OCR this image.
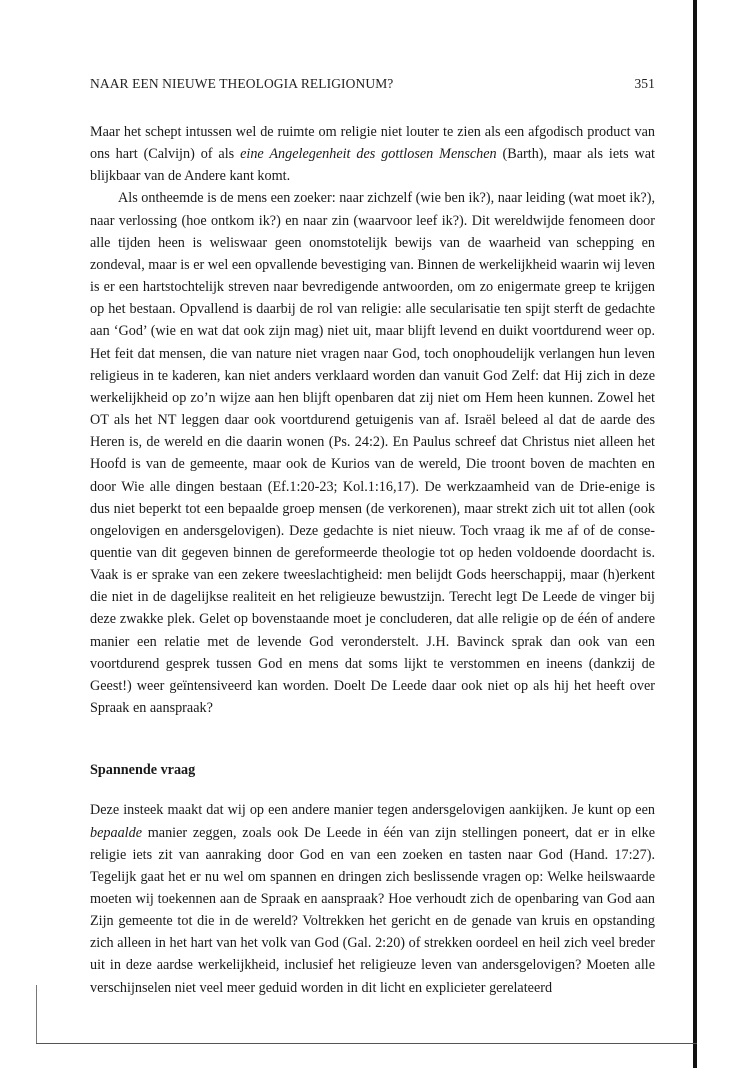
NAAR EEN NIEUWE THEOLOGIA RELIGIONUM?	351

Maar het schept intussen wel de ruimte om religie niet louter te zien als een afgodisch product van ons hart (Calvijn) of als eine Angelegenheit des gottlosen Menschen (Barth), maar als iets wat blijkbaar van de Andere kant komt.

Als ontheemde is de mens een zoeker: naar zichzelf (wie ben ik?), naar leiding (wat moet ik?), naar verlossing (hoe ontkom ik?) en naar zin (waarvoor leef ik?). Dit wereldwijde fenomeen door alle tijden heen is weliswaar geen onomstotelijk bewijs van de waarheid van schepping en zondeval, maar is er wel een opvallende bevestiging van. Binnen de werkelijkheid waarin wij leven is er een hartstochtelijk streven naar bevredigende antwoorden, om zo enigermate greep te krijgen op het bestaan. Opvallend is daarbij de rol van religie: alle secularisatie ten spijt sterft de gedachte aan ‘God’ (wie en wat dat ook zijn mag) niet uit, maar blijft levend en duikt voortdurend weer op. Het feit dat mensen, die van nature niet vragen naar God, toch onophoudelijk verlangen hun leven religieus in te kaderen, kan niet anders verklaard worden dan vanuit God Zelf: dat Hij zich in deze werkelijkheid op zo’n wijze aan hen blijft openbaren dat zij niet om Hem heen kunnen. Zowel het OT als het NT leggen daar ook voortdurend getuigenis van af. Israël beleed al dat de aarde des Heren is, de wereld en die daarin wonen (Ps. 24:2). En Paulus schreef dat Christus niet alleen het Hoofd is van de gemeente, maar ook de Kurios van de wereld, Die troont boven de machten en door Wie alle dingen bestaan (Ef.1:20-23; Kol.1:16,17). De werkzaamheid van de Drie-enige is dus niet beperkt tot een bepaalde groep mensen (de verkorenen), maar strekt zich uit tot allen (ook ongelovigen en andersgelovigen). Deze gedachte is niet nieuw. Toch vraag ik me af of de consequentie van dit gegeven binnen de gereformeerde theologie tot op heden voldoende doordacht is. Vaak is er sprake van een zekere tweeslachtigheid: men belijdt Gods heerschappij, maar (h)erkent die niet in de dagelijkse realiteit en het religieuze bewustzijn. Terecht legt De Leede de vinger bij deze zwakke plek. Gelet op bovenstaande moet je concluderen, dat alle religie op de één of andere manier een relatie met de levende God veronderstelt. J.H. Bavinck sprak dan ook van een voortdurend gesprek tussen God en mens dat soms lijkt te verstommen en ineens (dankzij de Geest!) weer geïntensiveerd kan worden. Doelt De Leede daar ook niet op als hij het heeft over Spraak en aanspraak?

Spannende vraag

Deze insteek maakt dat wij op een andere manier tegen andersgelovigen aankijken. Je kunt op een bepaalde manier zeggen, zoals ook De Leede in één van zijn stellingen poneert, dat er in elke religie iets zit van aanraking door God en van een zoeken en tasten naar God (Hand. 17:27). Tegelijk gaat het er nu wel om spannen en dringen zich beslissende vragen op: Welke heilswaarde moeten wij toekennen aan de Spraak en aanspraak? Hoe verhoudt zich de openbaring van God aan Zijn gemeente tot die in de wereld? Voltrekken het gericht en de genade van kruis en opstanding zich alleen in het hart van het volk van God (Gal. 2:20) of strekken oordeel en heil zich veel breder uit in deze aardse werkelijkheid, inclusief het religieuze leven van andersgelovigen? Moeten alle verschijnselen niet veel meer geduid worden in dit licht en explicieter gerelateerd
